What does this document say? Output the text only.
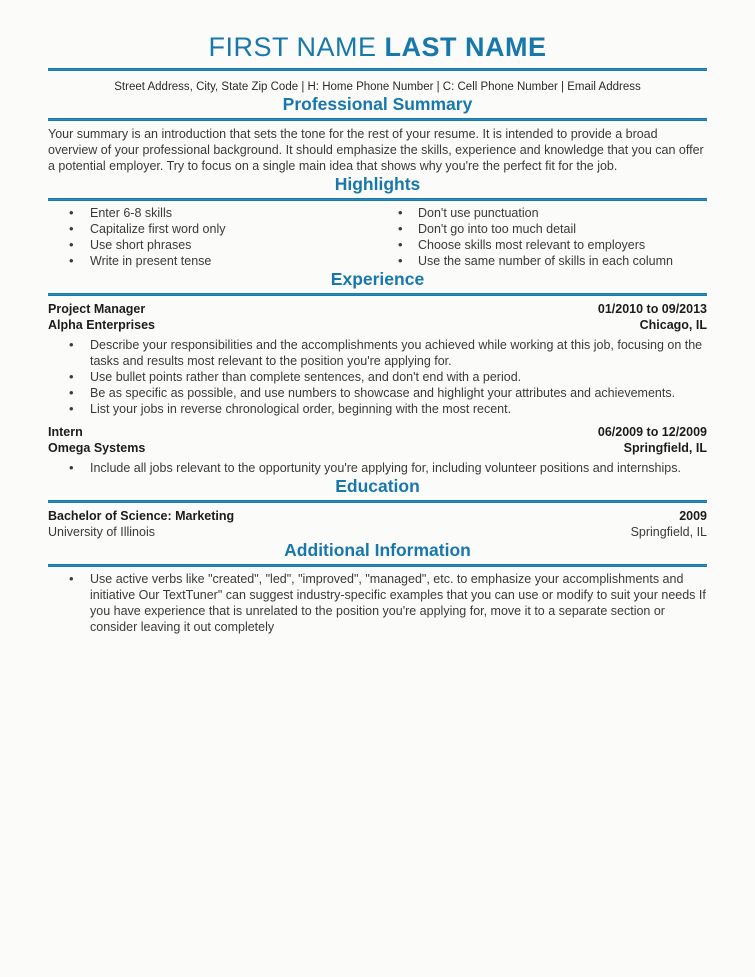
FIRST NAME LAST NAME
Street Address, City, State Zip Code | H: Home Phone Number | C: Cell Phone Number | Email Address
Professional Summary

Your summary is an introduction that sets the tone for the rest of your resume. It is intended to provide a broad overview of your professional background. It should emphasize the skills, experience and knowledge that you can offer a potential employer. Try to focus on a single main idea that shows why you're the perfect fit for the job.

Highlights
• Enter 6-8 skills
• Capitalize first word only
• Use short phrases
• Write in present tense
• Don't use punctuation
• Don't go into too much detail
• Choose skills most relevant to employers
• Use the same number of skills in each column
Experience
Project Manager	01/2010 to 09/2013
Alpha Enterprises	Chicago, IL
• Describe your responsibilities and the accomplishments you achieved while working at this job, focusing on the tasks and results most relevant to the position you're applying for.
• Use bullet points rather than complete sentences, and don't end with a period.
• Be as specific as possible, and use numbers to showcase and highlight your attributes and achievements.
• List your jobs in reverse chronological order, beginning with the most recent.
Intern	06/2009 to 12/2009
Omega Systems	Springfield, IL
• Include all jobs relevant to the opportunity you're applying for, including volunteer positions and internships.
Education
Bachelor of Science: Marketing	2009
University of Illinois	Springfield, IL
Additional Information
• Use active verbs like "created", "led", "improved", "managed", etc. to emphasize your accomplishments and initiative Our TextTuner" can suggest industry-specific examples that you can use or modify to suit your needs If you have experience that is unrelated to the position you're applying for, move it to a separate section or consider leaving it out completely
